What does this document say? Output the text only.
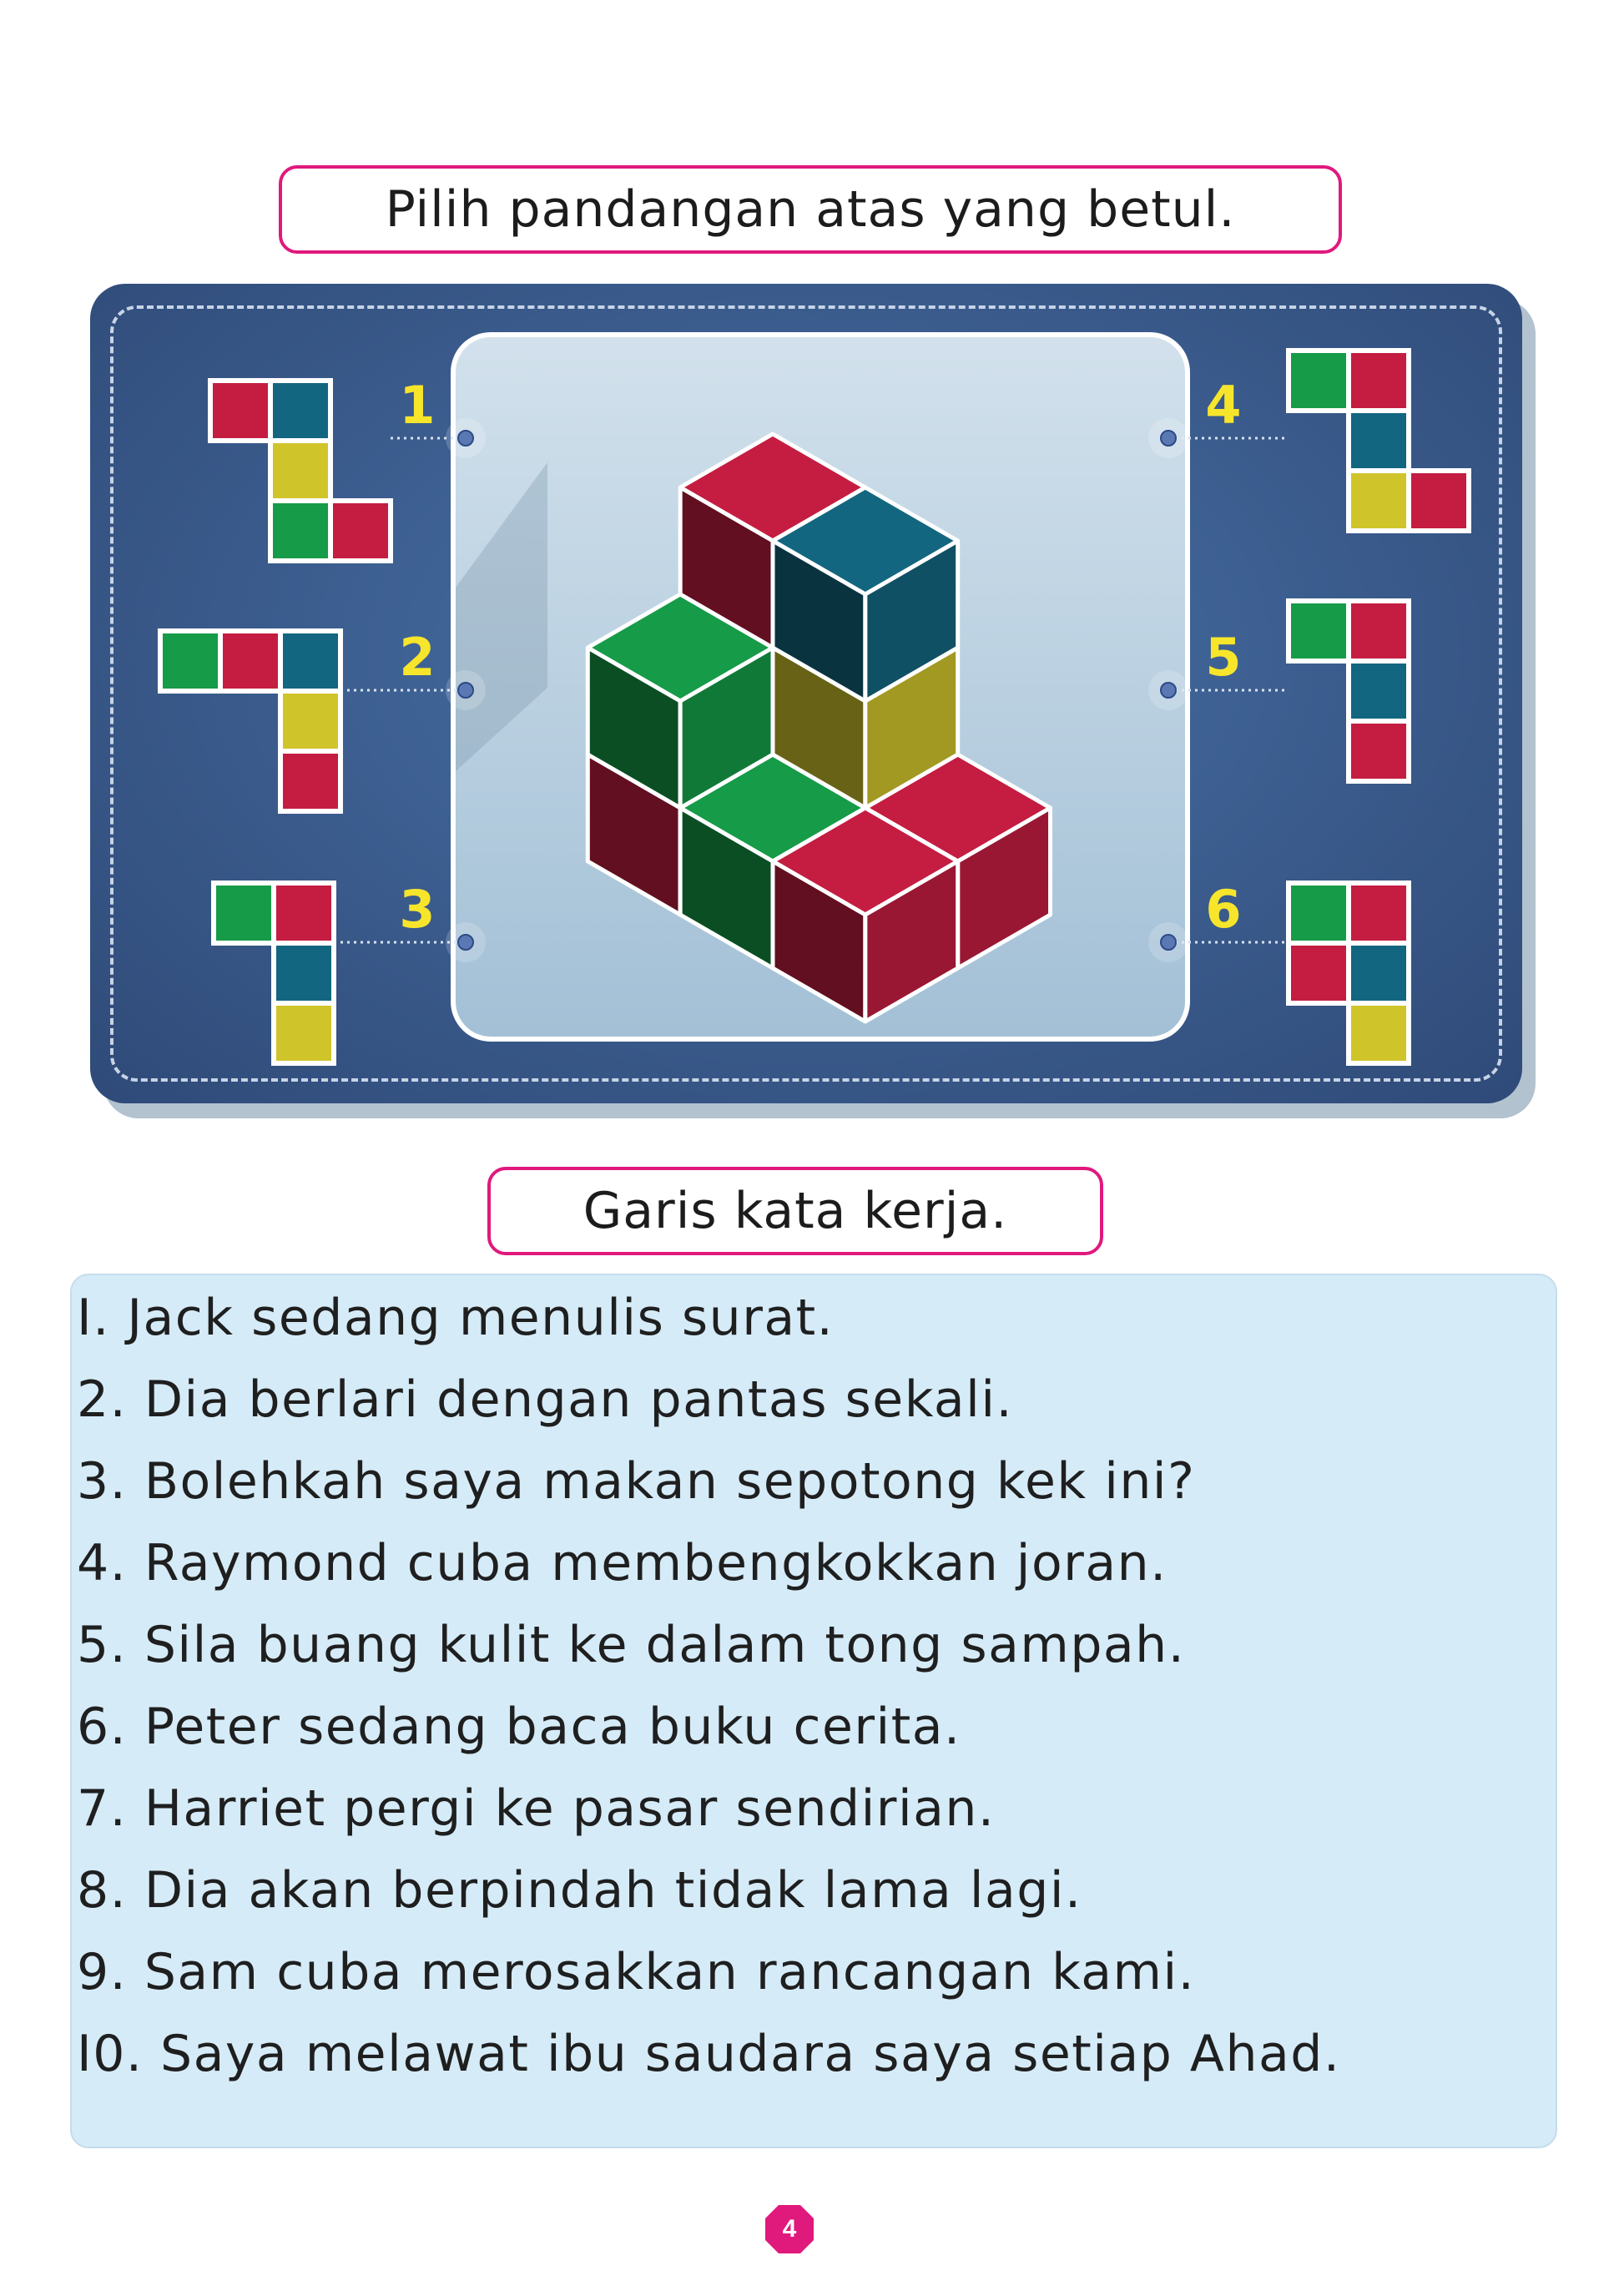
Pilih pandangan atas yang betul.
1
2
3
4
5
6
Garis kata kerja.
I. Jack sedang menulis surat.
2. Dia berlari dengan pantas sekali.
3. Bolehkah saya makan sepotong kek ini?
4. Raymond cuba membengkokkan joran.
5. Sila buang kulit ke dalam tong sampah.
6. Peter sedang baca buku cerita.
7. Harriet pergi ke pasar sendirian.
8. Dia akan berpindah tidak lama lagi.
9. Sam cuba merosakkan rancangan kami.
I0. Saya melawat ibu saudara saya setiap Ahad.
4
